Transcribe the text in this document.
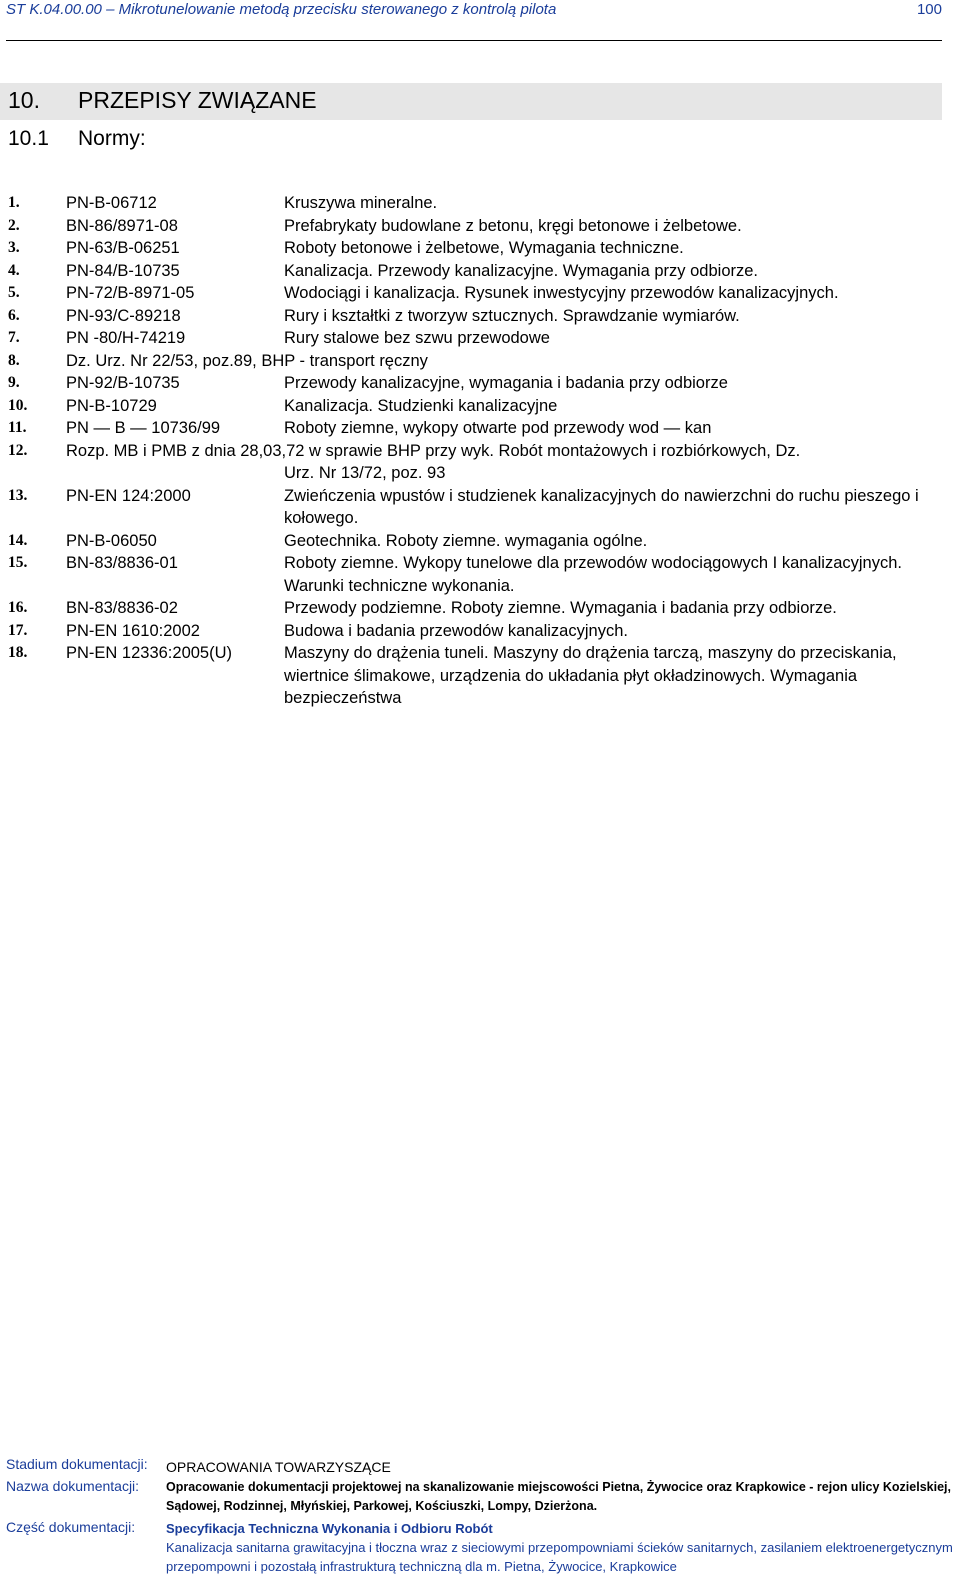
ST K.04.00.00 – Mikrotunelowanie metodą przecisku sterowanego z kontrolą pilota	100
10. PRZEPISY ZWIĄZANE
10.1 Normy:
1.	PN-B-06712	Kruszywa mineralne.
2.	BN-86/8971-08	Prefabrykaty budowlane z betonu, kręgi betonowe i żelbetowe.
3.	PN-63/B-06251	Roboty betonowe i żelbetowe, Wymagania techniczne.
4.	PN-84/B-10735	Kanalizacja. Przewody kanalizacyjne. Wymagania przy odbiorze.
5.	PN-72/B-8971-05	Wodociągi i kanalizacja. Rysunek inwestycyjny przewodów kanalizacyjnych.
6.	PN-93/C-89218	Rury i kształtki z tworzyw sztucznych. Sprawdzanie wymiarów.
7.	PN -80/H-74219	Rury stalowe bez szwu przewodowe
8.	Dz. Urz. Nr 22/53, poz.89, BHP - transport ręczny
9.	PN-92/B-10735	Przewody kanalizacyjne, wymagania i badania przy odbiorze
10. PN-B-10729	Kanalizacja. Studzienki kanalizacyjne
11. PN — B — 10736/99	Roboty ziemne, wykopy otwarte pod przewody wod — kan
12.	Rozp. MB i PMB z dnia 28,03,72 w sprawie BHP przy wyk. Robót montażowych i rozbiórkowych, Dz.
Urz. Nr 13/72, poz. 93
13. PN-EN 124:2000	Zwieńczenia wpustów i studzienek kanalizacyjnych do nawierzchni do ruchu pieszego i kołowego.
14. PN-B-06050	Geotechnika. Roboty ziemne. wymagania ogólne.
15. BN-83/8836-01	Roboty ziemne. Wykopy tunelowe dla przewodów wodociągowych I kanalizacyjnych. Warunki techniczne wykonania.
16. BN-83/8836-02	Przewody podziemne. Roboty ziemne. Wymagania i badania przy odbiorze.
17. PN-EN 1610:2002	Budowa i badania przewodów kanalizacyjnych.
18. PN-EN 12336:2005(U)	Maszyny do drążenia tuneli. Maszyny do drążenia tarczą, maszyny do przeciskania, wiertnice ślimakowe, urządzenia do układania płyt okładzinowych. Wymagania bezpieczeństwa
Stadium dokumentacji : OPRACOWANIA TOWARZYSZĄCE
Nazwa dokumentacji :	Opracowanie dokumentacji projektowej na skanalizowanie miejscowości Pietna, Żywocice oraz Krapkowice - rejon ulicy Kozielskiej, Sądowej, Rodzinnej, Młyńskiej, Parkowej, Kościuszki, Lompy, Dzierżona.
Część dokumentacji :	Specyfikacja Techniczna Wykonania i Odbioru Robót
Kanalizacja sanitarna grawitacyjna i tłoczna wraz z sieciowymi przepompowniami ścieków sanitarnych, zasilaniem elektroenergetycznym przepompowni i pozostałą infrastrukturą techniczną dla m. Pietna, Żywocice, Krapkowice
